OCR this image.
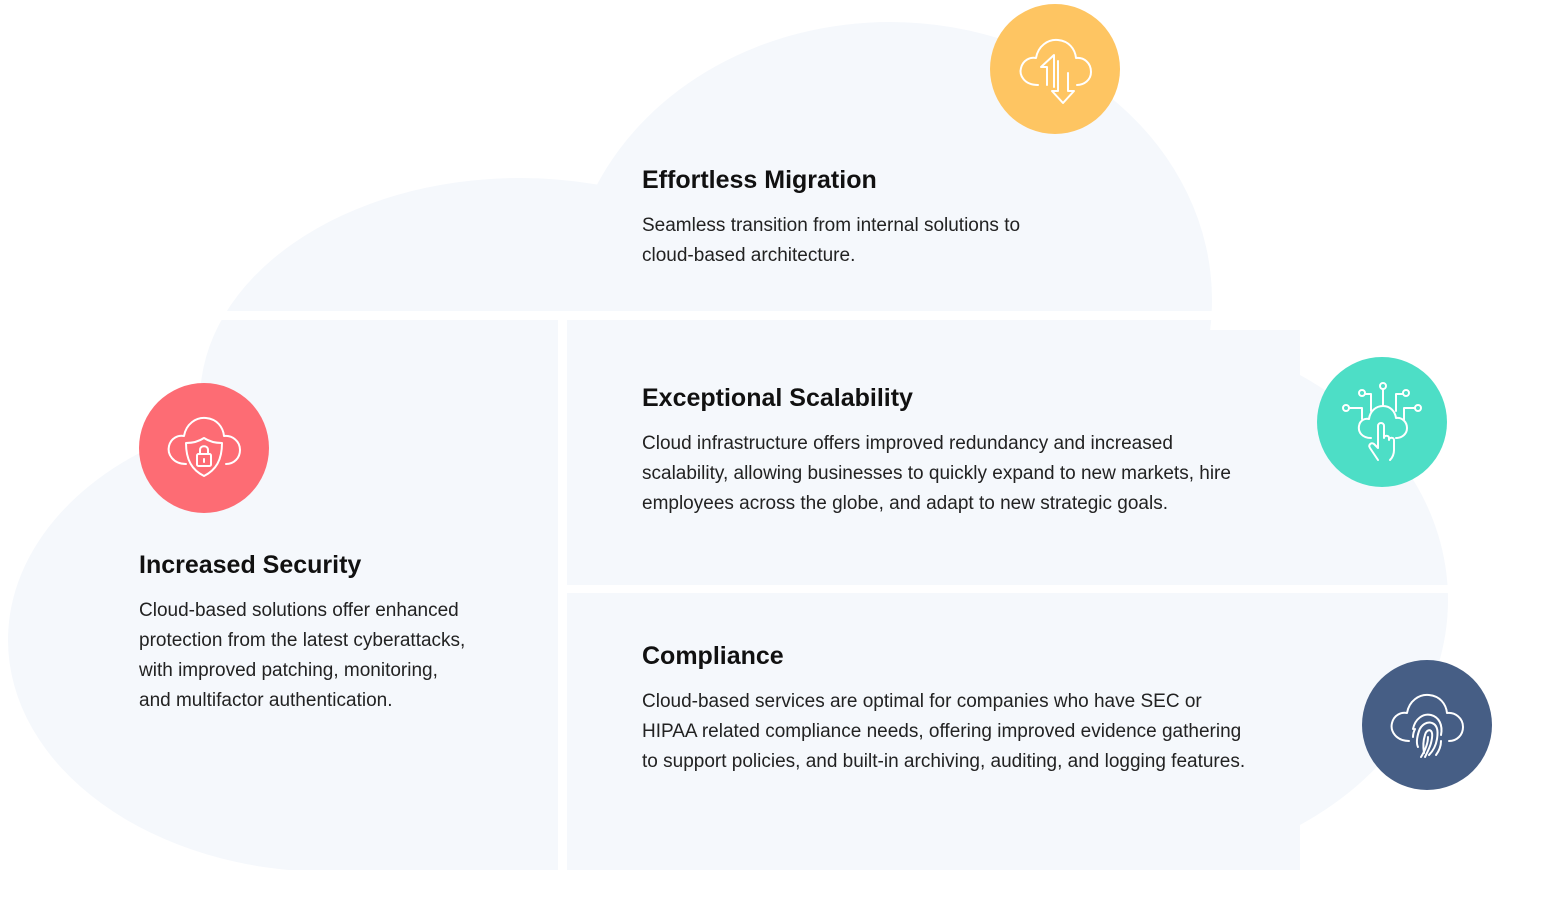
Effortless Migration

Seamless transition from internal solutions to
cloud-based architecture.

Exceptional Scalability

Cloud infrastructure offers improved redundancy and increased
scalability, allowing businesses to quickly expand to new markets, hire
employees across the globe, and adapt to new strategic goals.

Increased Security

Cloud-based solutions offer enhanced
protection from the latest cyberattacks,
with improved patching, monitoring,
and multifactor authentication.

Compliance

Cloud-based services are optimal for companies who have SEC or
HIPAA related compliance needs, offering improved evidence gathering
to support policies, and built-in archiving, auditing, and logging features.
